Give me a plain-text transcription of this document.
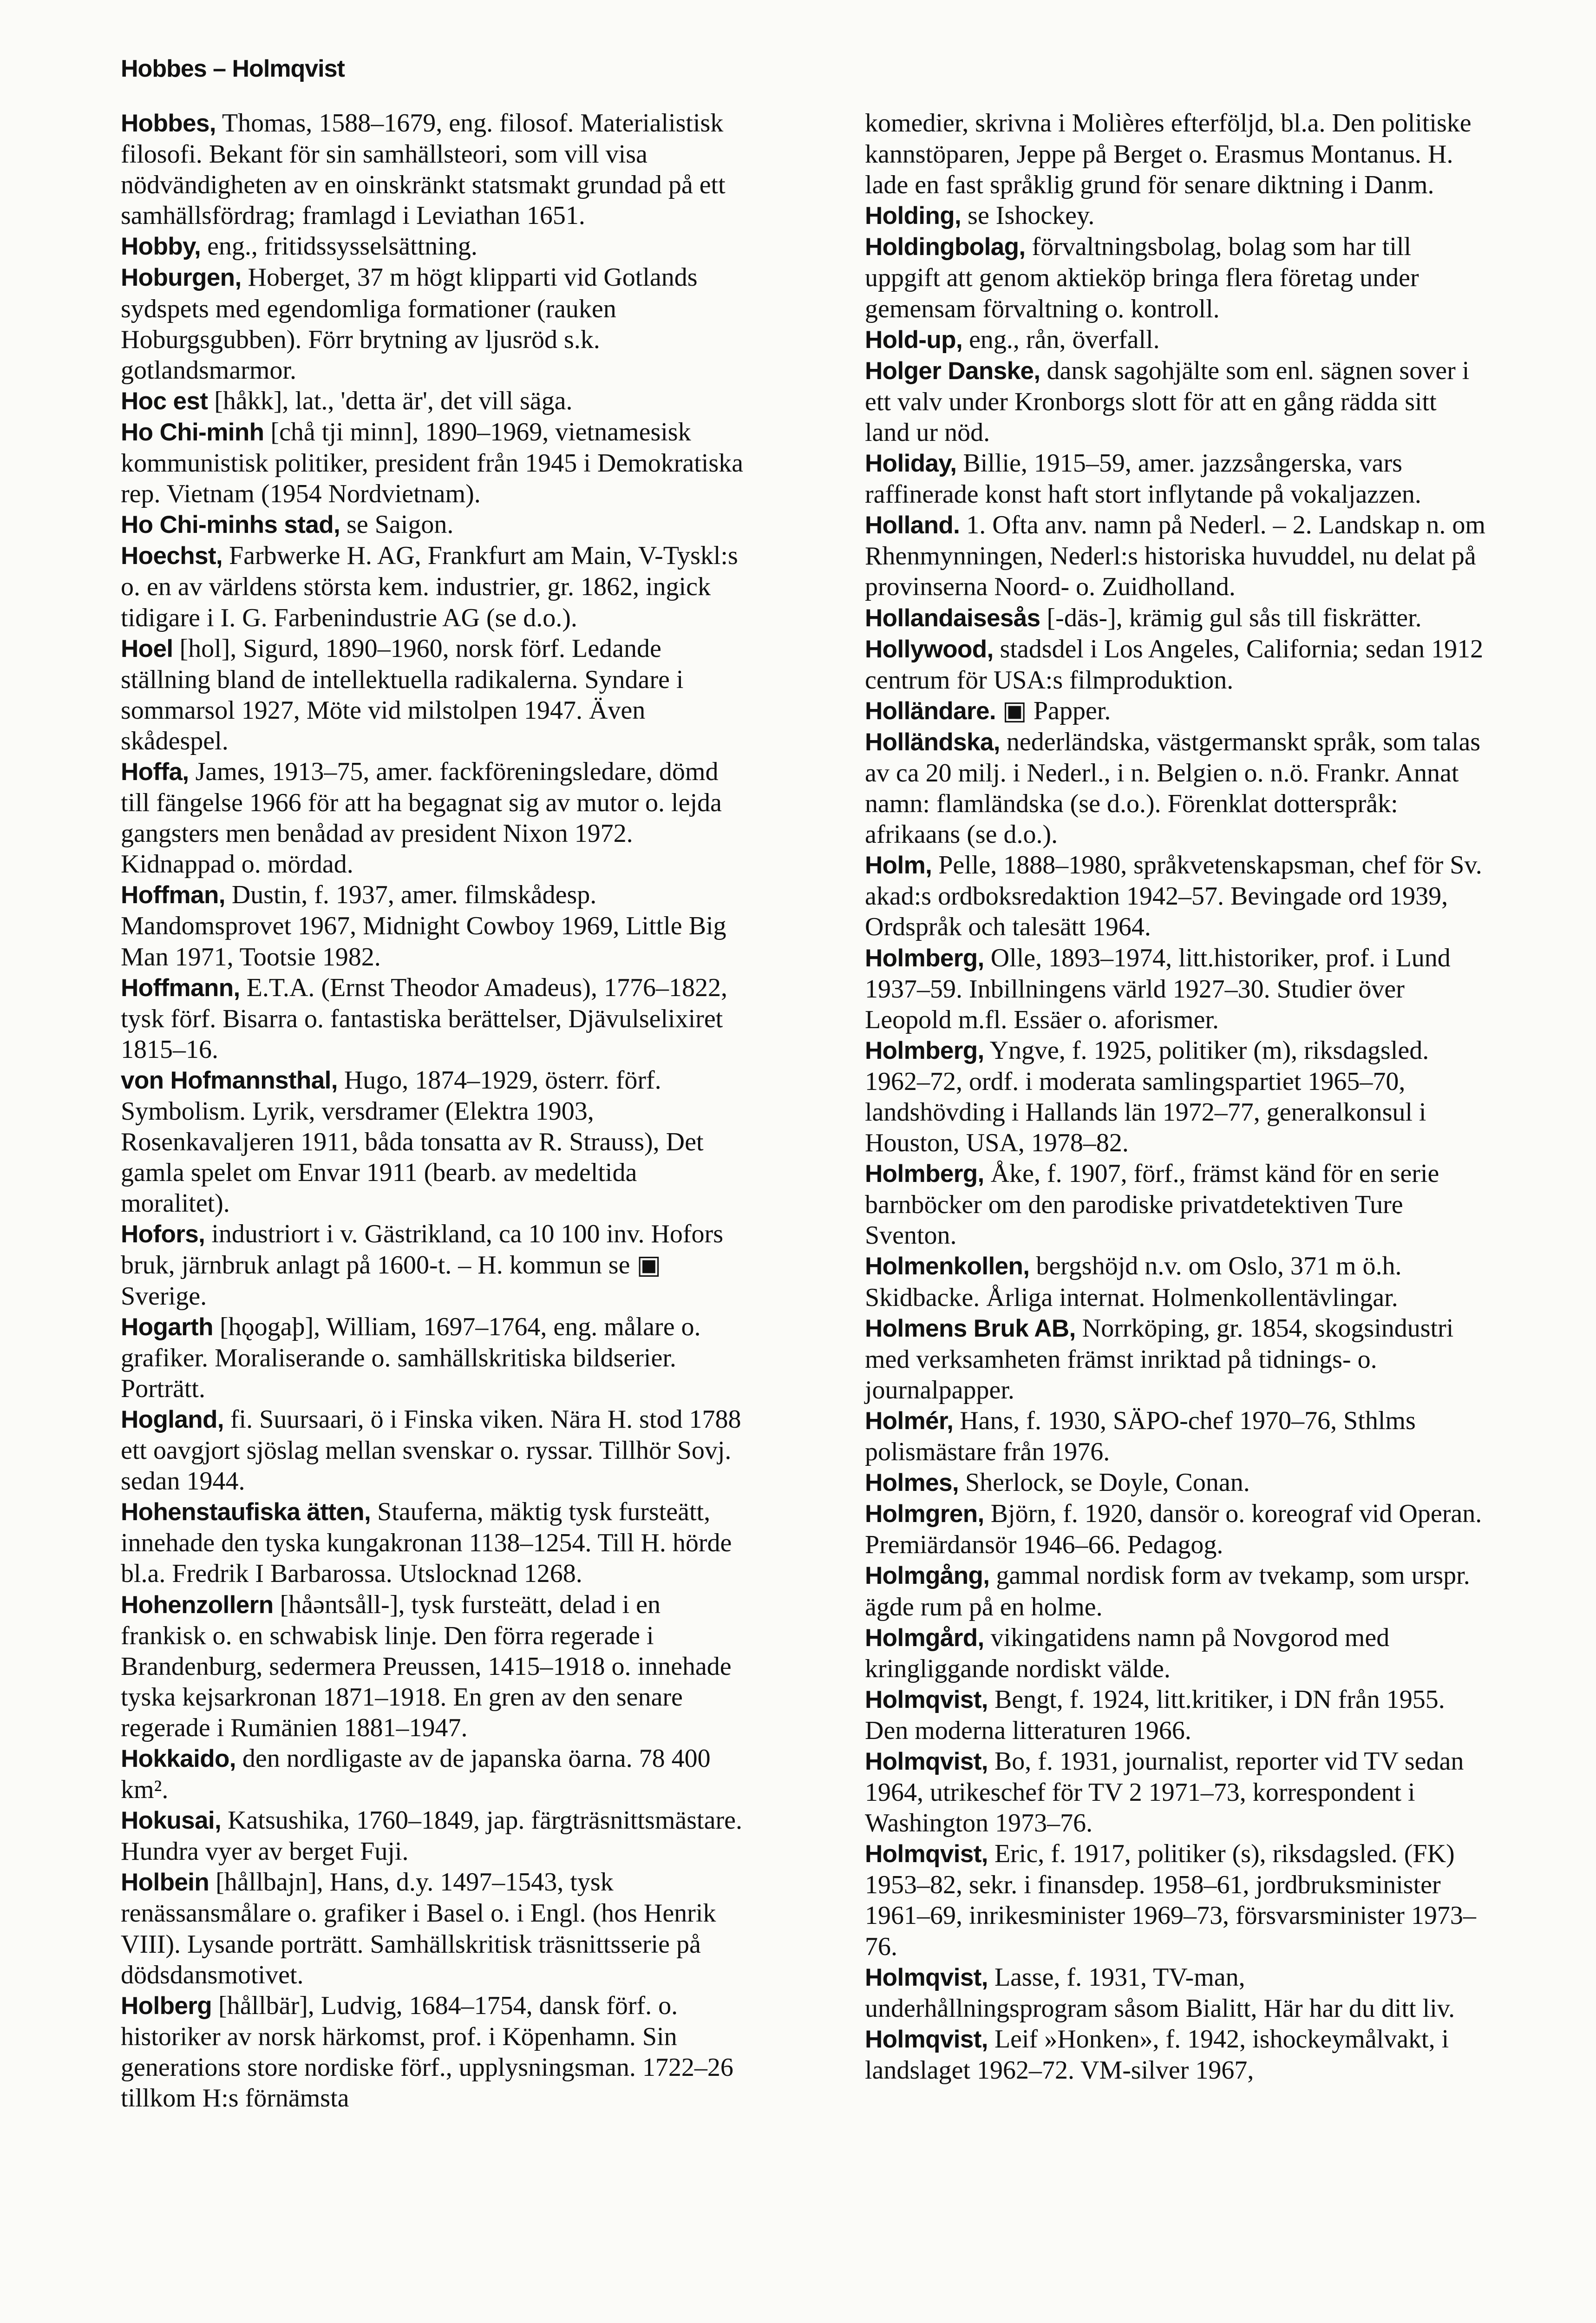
Hobbes – Holmqvist

Hobbes, Thomas, 1588–1679, eng. filosof. Materialistisk filosofi. Bekant för sin samhällsteori, som vill visa nödvändigheten av en oinskränkt statsmakt grundad på ett samhällsfördrag; framlagd i Leviathan 1651.

Hobby, eng., fritidssysselsättning.

Hoburgen, Hoberget, 37 m högt klipparti vid Gotlands sydspets med egendomliga formationer (rauken Hoburgsgubben). Förr brytning av ljusröd s.k. gotlandsmarmor.

Hoc est [håkk], lat., 'detta är', det vill säga.

Ho Chi-minh [chå tji minn], 1890–1969, vietnamesisk kommunistisk politiker, president från 1945 i Demokratiska rep. Vietnam (1954 Nordvietnam).

Ho Chi-minhs stad, se Saigon.

Hoechst, Farbwerke H. AG, Frankfurt am Main, V-Tyskl:s o. en av världens största kem. industrier, gr. 1862, ingick tidigare i I. G. Farbenindustrie AG (se d.o.).

Hoel [hol], Sigurd, 1890–1960, norsk förf. Ledande ställning bland de intellektuella radikalerna. Syndare i sommarsol 1927, Möte vid milstolpen 1947. Även skådespel.

Hoffa, James, 1913–75, amer. fackföreningsledare, dömd till fängelse 1966 för att ha begagnat sig av mutor o. lejda gangsters men benådad av president Nixon 1972. Kidnappad o. mördad.

Hoffman, Dustin, f. 1937, amer. filmskådesp. Mandomsprovet 1967, Midnight Cowboy 1969, Little Big Man 1971, Tootsie 1982.

Hoffmann, E.T.A. (Ernst Theodor Amadeus), 1776–1822, tysk förf. Bisarra o. fantastiska berättelser, Djävulselixiret 1815–16.

von Hofmannsthal, Hugo, 1874–1929, österr. förf. Symbolism. Lyrik, versdramer (Elektra 1903, Rosenkavaljeren 1911, båda tonsatta av R. Strauss), Det gamla spelet om Envar 1911 (bearb. av medeltida moralitet).

Hofors, industriort i v. Gästrikland, ca 10 100 inv. Hofors bruk, järnbruk anlagt på 1600-t. – H. kommun se ▣ Sverige.

Hogarth [hǫogaþ], William, 1697–1764, eng. målare o. grafiker. Moraliserande o. samhällskritiska bildserier. Porträtt.

Hogland, fi. Suursaari, ö i Finska viken. Nära H. stod 1788 ett oavgjort sjöslag mellan svenskar o. ryssar. Tillhör Sovj. sedan 1944.

Hohenstaufiska ätten, Stauferna, mäktig tysk fursteätt, innehade den tyska kungakronan 1138–1254. Till H. hörde bl.a. Fredrik I Barbarossa. Utslocknad 1268.

Hohenzollern [håəntsåll-], tysk fursteätt, delad i en frankisk o. en schwabisk linje. Den förra regerade i Brandenburg, sedermera Preussen, 1415–1918 o. innehade tyska kejsarkronan 1871–1918. En gren av den senare regerade i Rumänien 1881–1947.

Hokkaido, den nordligaste av de japanska öarna. 78 400 km².

Hokusai, Katsushika, 1760–1849, jap. färgträsnittsmästare. Hundra vyer av berget Fuji.

Holbein [hållbajn], Hans, d.y. 1497–1543, tysk renässansmålare o. grafiker i Basel o. i Engl. (hos Henrik VIII). Lysande porträtt. Samhällskritisk träsnittsserie på dödsdansmotivet.

Holberg [hållbär], Ludvig, 1684–1754, dansk förf. o. historiker av norsk härkomst, prof. i Köpenhamn. Sin generations store nordiske förf., upplysningsman. 1722–26 tillkom H:s förnämsta

komedier, skrivna i Molières efterföljd, bl.a. Den politiske kannstöparen, Jeppe på Berget o. Erasmus Montanus. H. lade en fast språklig grund för senare diktning i Danm.

Holding, se Ishockey.

Holdingbolag, förvaltningsbolag, bolag som har till uppgift att genom aktieköp bringa flera företag under gemensam förvaltning o. kontroll.

Hold-up, eng., rån, överfall.

Holger Danske, dansk sagohjälte som enl. sägnen sover i ett valv under Kronborgs slott för att en gång rädda sitt land ur nöd.

Holiday, Billie, 1915–59, amer. jazzsångerska, vars raffinerade konst haft stort inflytande på vokaljazzen.

Holland. 1. Ofta anv. namn på Nederl. – 2. Landskap n. om Rhenmynningen, Nederl:s historiska huvuddel, nu delat på provinserna Noord- o. Zuidholland.

Hollandaisesås [-däs-], krämig gul sås till fiskrätter.

Hollywood, stadsdel i Los Angeles, California; sedan 1912 centrum för USA:s filmproduktion.

Holländare. ▣ Papper.

Holländska, nederländska, västgermanskt språk, som talas av ca 20 milj. i Nederl., i n. Belgien o. n.ö. Frankr. Annat namn: flamländska (se d.o.). Förenklat dotterspråk: afrikaans (se d.o.).

Holm, Pelle, 1888–1980, språkvetenskapsman, chef för Sv. akad:s ordboksredaktion 1942–57. Bevingade ord 1939, Ordspråk och talesätt 1964.

Holmberg, Olle, 1893–1974, litt.historiker, prof. i Lund 1937–59. Inbillningens värld 1927–30. Studier över Leopold m.fl. Essäer o. aforismer.

Holmberg, Yngve, f. 1925, politiker (m), riksdagsled. 1962–72, ordf. i moderata samlingspartiet 1965–70, landshövding i Hallands län 1972–77, generalkonsul i Houston, USA, 1978–82.

Holmberg, Åke, f. 1907, förf., främst känd för en serie barnböcker om den parodiske privatdetektiven Ture Sventon.

Holmenkollen, bergshöjd n.v. om Oslo, 371 m ö.h. Skidbacke. Årliga internat. Holmenkollentävlingar.

Holmens Bruk AB, Norrköping, gr. 1854, skogsindustri med verksamheten främst inriktad på tidnings- o. journalpapper.

Holmér, Hans, f. 1930, SÄPO-chef 1970–76, Sthlms polismästare från 1976.

Holmes, Sherlock, se Doyle, Conan.

Holmgren, Björn, f. 1920, dansör o. koreograf vid Operan. Premiärdansör 1946–66. Pedagog.

Holmgång, gammal nordisk form av tvekamp, som urspr. ägde rum på en holme.

Holmgård, vikingatidens namn på Novgorod med kringliggande nordiskt välde.

Holmqvist, Bengt, f. 1924, litt.kritiker, i DN från 1955. Den moderna litteraturen 1966.

Holmqvist, Bo, f. 1931, journalist, reporter vid TV sedan 1964, utrikeschef för TV 2 1971–73, korrespondent i Washington 1973–76.

Holmqvist, Eric, f. 1917, politiker (s), riksdagsled. (FK) 1953–82, sekr. i finansdep. 1958–61, jordbruksminister 1961–69, inrikesminister 1969–73, försvarsminister 1973–76.

Holmqvist, Lasse, f. 1931, TV-man, underhållningsprogram såsom Bialitt, Här har du ditt liv.

Holmqvist, Leif »Honken», f. 1942, ishockeymålvakt, i landslaget 1962–72. VM-silver 1967,
